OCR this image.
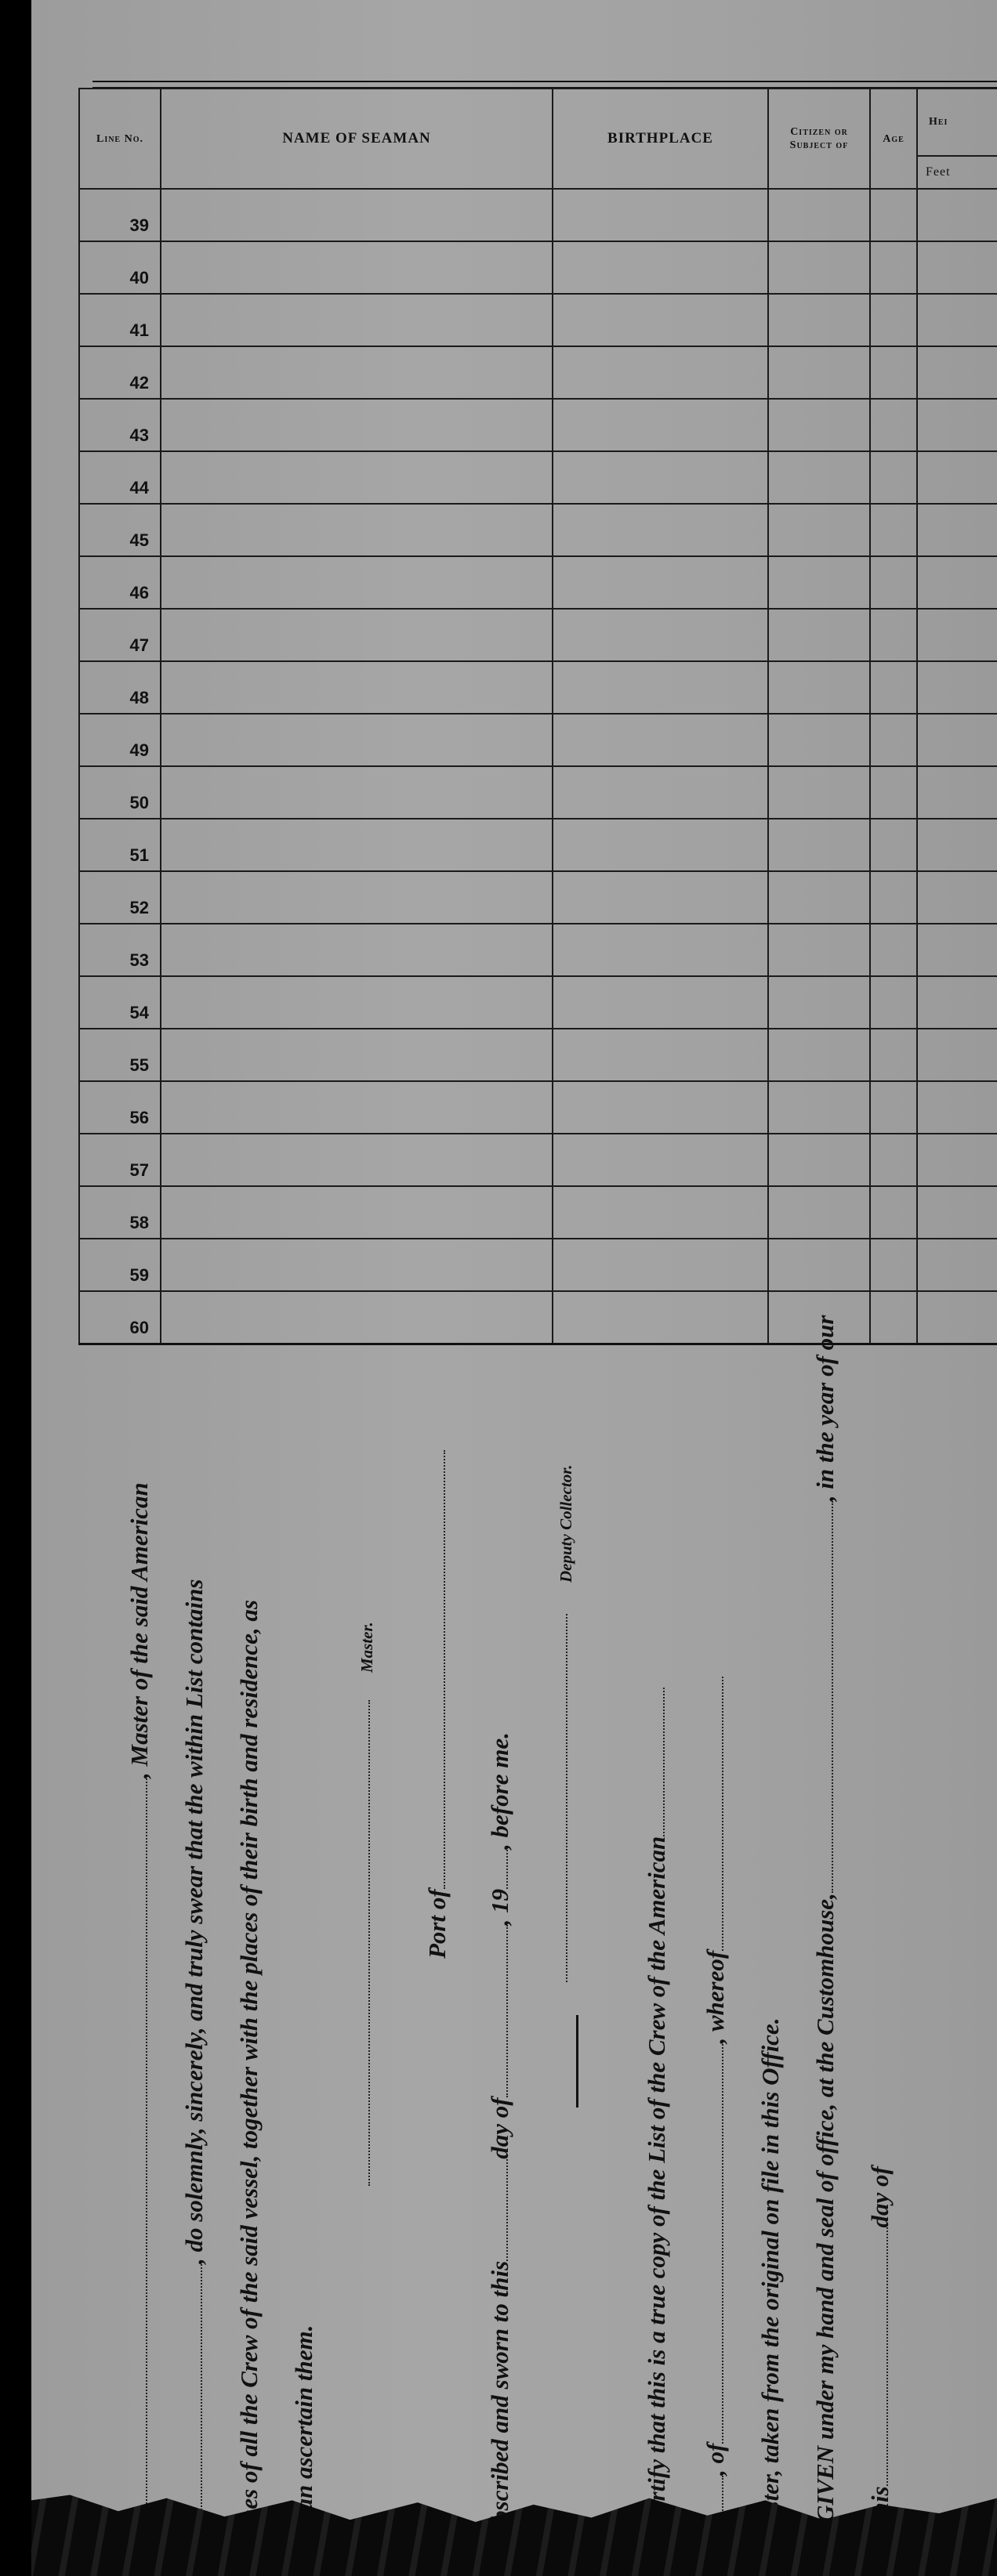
Line No.	NAME OF SEAMAN	BIRTHPLACE	Citizen or Subject of	Age	Hei
Feet

39					
40					
41					
42					
43					
44					
45					
46					
47					
48					
49					
50					
51					
52					
53					
54					
55					
56					
57					
58					
59					
60					
, Master of the said American , do solemnly, sincerely, and truly swear that the within List contains nes of all the Crew of the said vessel, together with the places of their birth and residence, as oan ascertain them.
Master.
Port of
bscribed and sworn to thisday of, 19, before me.
Deputy Collector.
certify that this is a true copy of the List of the Crew of the American , of, whereof
aster, taken from the original on file in this Office. GIVEN under my hand and seal of office, at the Customhouse,, in the year of our
thisday of
